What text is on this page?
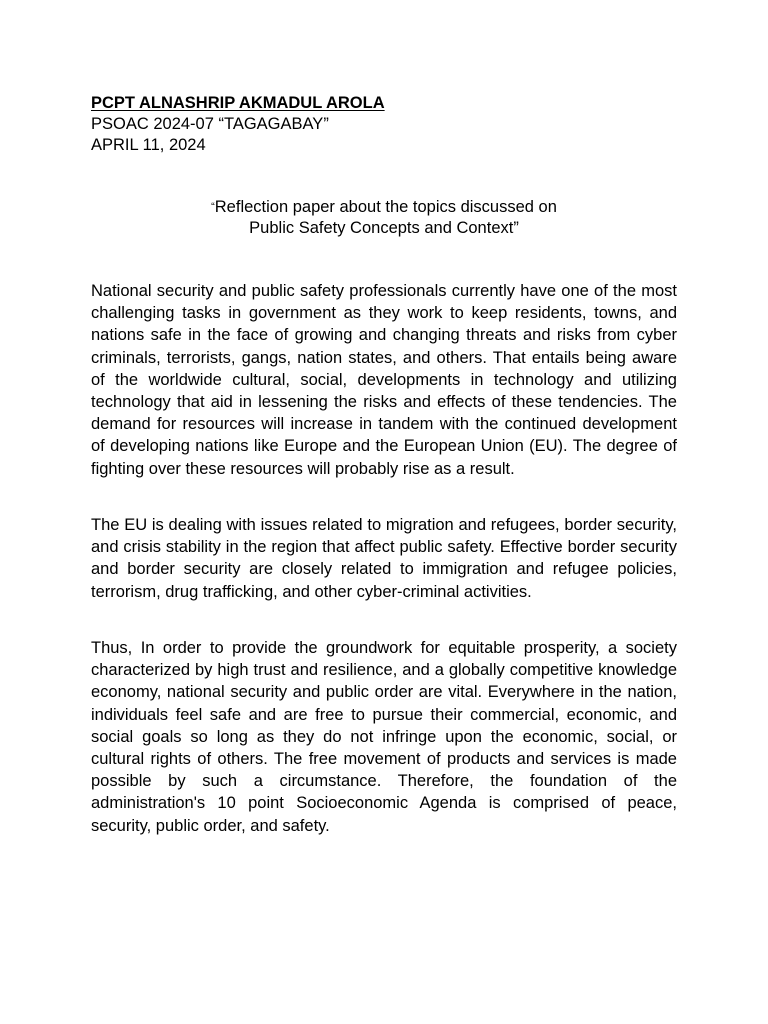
PCPT ALNASHRIP AKMADUL AROLA
PSOAC 2024-07 “TAGAGABAY”
APRIL 11, 2024
“Reflection paper about the topics discussed on
Public Safety Concepts and Context”

National security and public safety professionals currently have one of the most challenging tasks in government as they work to keep residents, towns, and nations safe in the face of growing and changing threats and risks from cyber criminals, terrorists, gangs, nation states, and others. That entails being aware of the worldwide cultural, social, developments in technology and utilizing technology that aid in lessening the risks and effects of these tendencies. The demand for resources will increase in tandem with the continued development of developing nations like Europe and the European Union (EU). The degree of fighting over these resources will probably rise as a result.

The EU is dealing with issues related to migration and refugees, border security, and crisis stability in the region that affect public safety. Effective border security and border security are closely related to immigration and refugee policies, terrorism, drug trafficking, and other cyber-criminal activities.

Thus, In order to provide the groundwork for equitable prosperity, a society characterized by high trust and resilience, and a globally competitive knowledge economy, national security and public order are vital. Everywhere in the nation, individuals feel safe and are free to pursue their commercial, economic, and social goals so long as they do not infringe upon the economic, social, or cultural rights of others. The free movement of products and services is made possible by such a circumstance. Therefore, the foundation of the administration's 10 point Socioeconomic Agenda is comprised of peace, security, public order, and safety.
